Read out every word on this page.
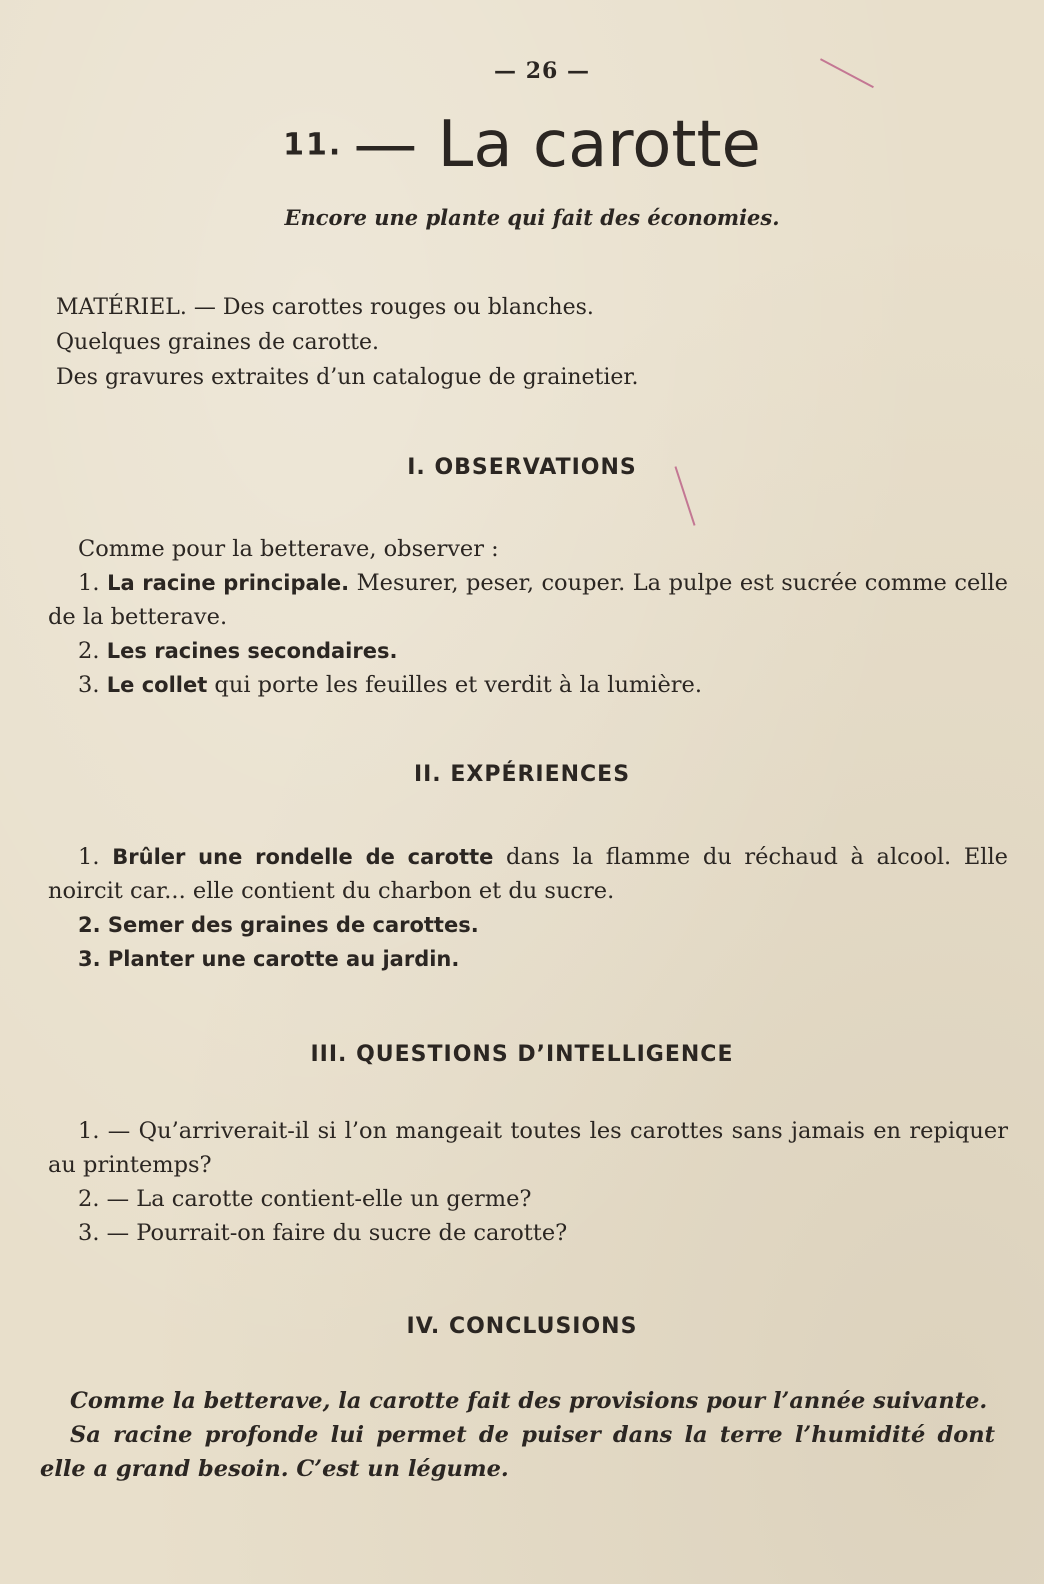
— 26 —
11. — La carotte
Encore une plante qui fait des économies.
MATÉRIEL. — Des carottes rouges ou blanches.
Quelques graines de carotte.
Des gravures extraites d’un catalogue de grainetier.
I. OBSERVATIONS

Comme pour la betterave, observer :

1. La racine principale. Mesurer, peser, couper. La pulpe est sucrée comme celle de la betterave.

2. Les racines secondaires.

3. Le collet qui porte les feuilles et verdit à la lumière.

II. EXPÉRIENCES

1. Brûler une rondelle de carotte dans la flamme du réchaud à alcool. Elle noircit car... elle contient du charbon et du sucre.

2. Semer des graines de carottes.

3. Planter une carotte au jardin.

III. QUESTIONS D’INTELLIGENCE

1. — Qu’arriverait-il si l’on mangeait toutes les carottes sans jamais en repiquer au printemps?

2. — La carotte contient-elle un germe?

3. — Pourrait-on faire du sucre de carotte?

IV. CONCLUSIONS

Comme la betterave, la carotte fait des provisions pour l’année suivante.

Sa racine profonde lui permet de puiser dans la terre l’humidité dont elle a grand besoin. C’est un légume.
